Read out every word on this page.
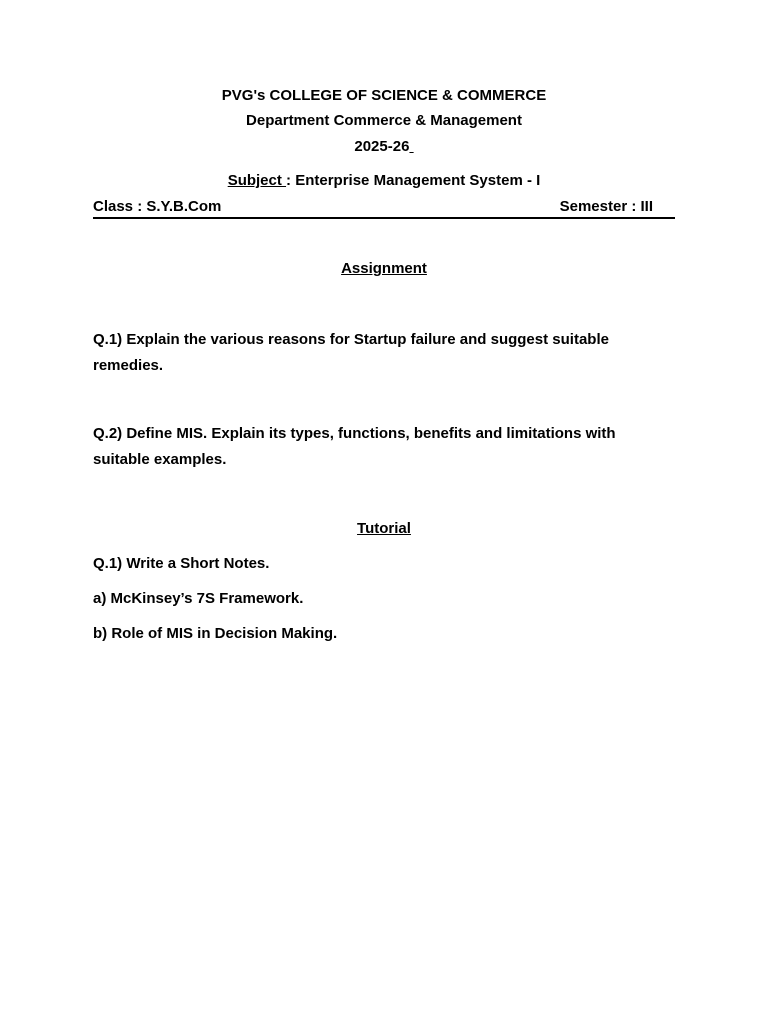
PVG's COLLEGE OF SCIENCE & COMMERCE
Department Commerce & Management
2025-26
Subject : Enterprise Management System - I
Class : S.Y.B.Com	Semester : III
Assignment
Q.1) Explain the various reasons for Startup failure and suggest suitable remedies.
Q.2) Define MIS. Explain its types, functions, benefits and limitations with suitable examples.
Tutorial
Q.1) Write a Short Notes.
a) McKinsey’s 7S Framework.
b) Role of MIS in Decision Making.
